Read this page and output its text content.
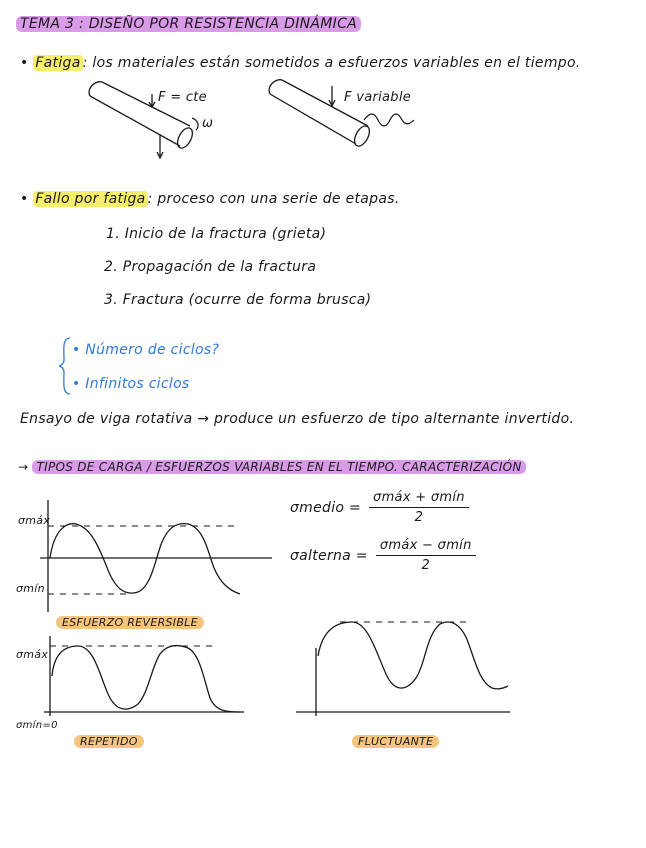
TEMA 3 : DISEÑO POR RESISTENCIA DINÁMICA
• Fatiga : los materiales están sometidos a esfuerzos variables en el tiempo.
F = cte
ω
F variable
• Fallo por fatiga : proceso con una serie de etapas.
1. Inicio de la fractura (grieta)
2. Propagación de la fractura
3. Fractura (ocurre de forma brusca)
• Número de ciclos?
• Infinitos ciclos
Ensayo de viga rotativa → produce un esfuerzo de tipo alternante invertido.
→ TIPOS DE CARGA / ESFUERZOS VARIABLES EN EL TIEMPO. CARACTERIZACIÓN
σmedio = $\frac{\text{σmáx + σmín}}{2}$
σalterna = $\frac{\text{σmáx − σmín}}{2}$
σmáx
σmín
ESFUERZO REVERSIBLE
σmáx
σmín=0
REPETIDO	FLUCTUANTE
